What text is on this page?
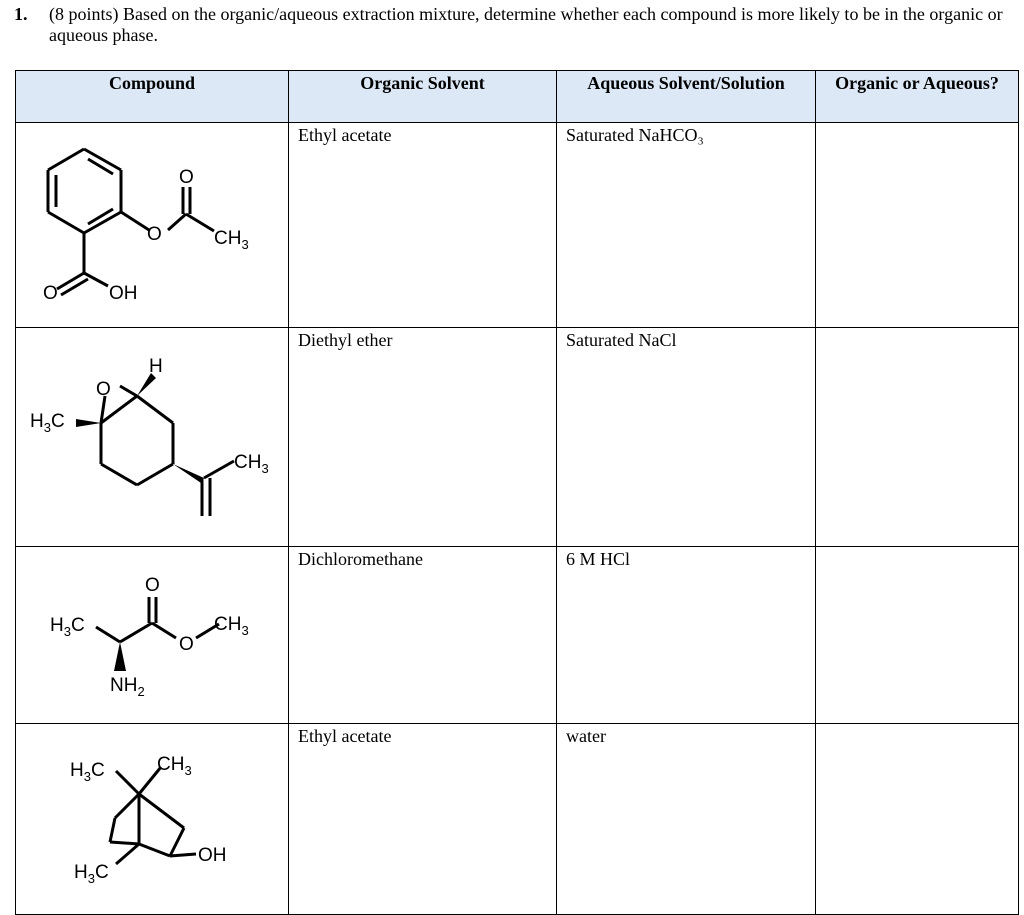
1. (8 points) Based on the organic/aqueous extraction mixture, determine whether each compound is more likely to be in the organic or aqueous phase.
Compound	Organic Solvent	Aqueous Solvent/Solution	Organic or Aqueous?

O
O
$CH_3$
O OH	Ethyl acetate	Saturated NaHCO₃	

O
H
$H_3C$
$CH_3$	Diethyl ether	Saturated NaCl	

$H_3C$
O
O
$CH_3$
$NH_2$	Dichloromethane	6 M HCl	

$H_3C$ $CH_3$
OH
$H_3C$	Ethyl acetate	water	
